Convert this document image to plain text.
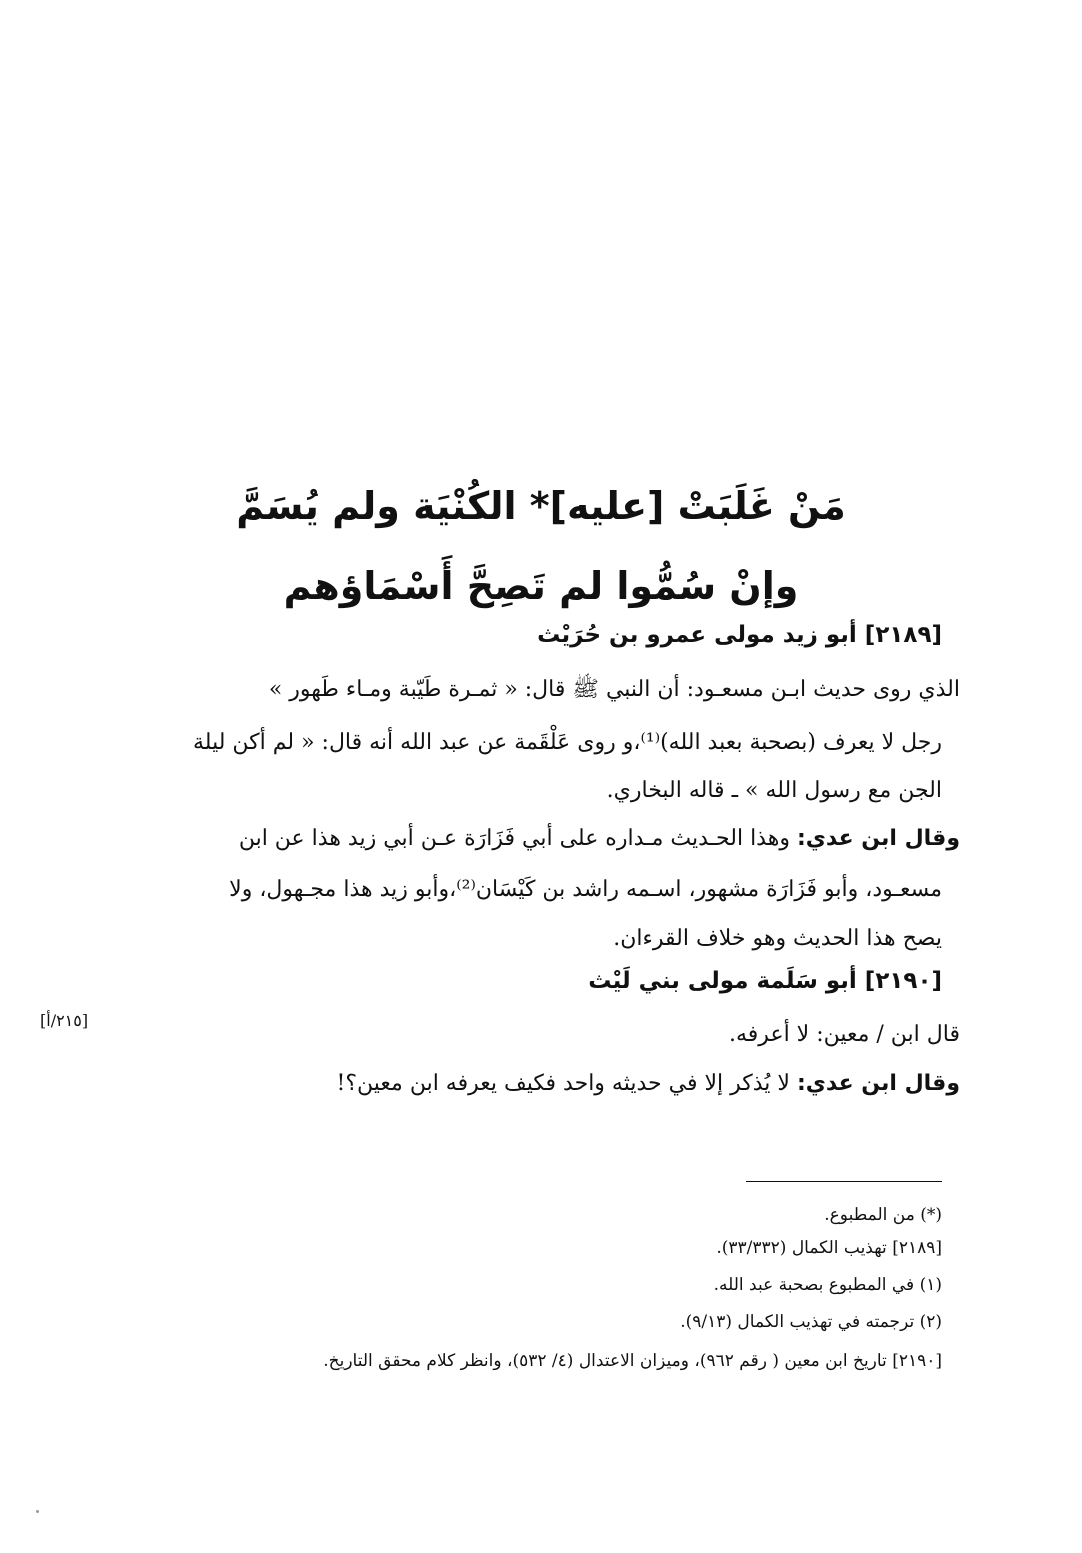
مَنْ غَلَبَتْ [عليه]* الكُنْيَة ولم يُسَمَّ
وإنْ سُمُّوا لم تَصِحَّ أَسْمَاؤهم
[٢١٨٩] أبو زيد مولى عمرو بن حُرَيْث
الذي روى حديث ابـن مسعـود: أن النبي ﷺ قال: « ثمـرة طَيّبة ومـاء طَهور »
رجل لا يعرف (بصحبة بعبد الله)⁽¹⁾،و روى عَلْقَمة عن عبد الله أنه قال: « لم أكن ليلة
الجن مع رسول الله » ـ قاله البخاري.
وقال ابن عدي: وهذا الحـديث مـداره على أبي فَزَارَة عـن أبي زيد هذا عن ابن
مسعـود، وأبو فَزَارَة مشهور، اسـمه راشد بن كَيْسَان⁽²⁾،وأبو زيد هذا مجـهول، ولا
يصح هذا الحديث وهو خلاف القرءان.
[٢١٩٠] أبو سَلَمة مولى بني لَيْث
قال ابن / معين: لا أعرفه.
وقال ابن عدي: لا يُذكر إلا في حديثه واحد فكيف يعرفه ابن معين؟!
[٢١٥/أ]
(*) من المطبوع.
[٢١٨٩] تهذيب الكمال (٣٣/٣٣٢).
(١) في المطبوع بصحبة عبد الله.
(٢) ترجمته في تهذيب الكمال (٩/١٣).
[٢١٩٠] تاريخ ابن معين ( رقم ٩٦٢)، وميزان الاعتدال (٤/ ٥٣٢)، وانظر كلام محقق التاريخ.
